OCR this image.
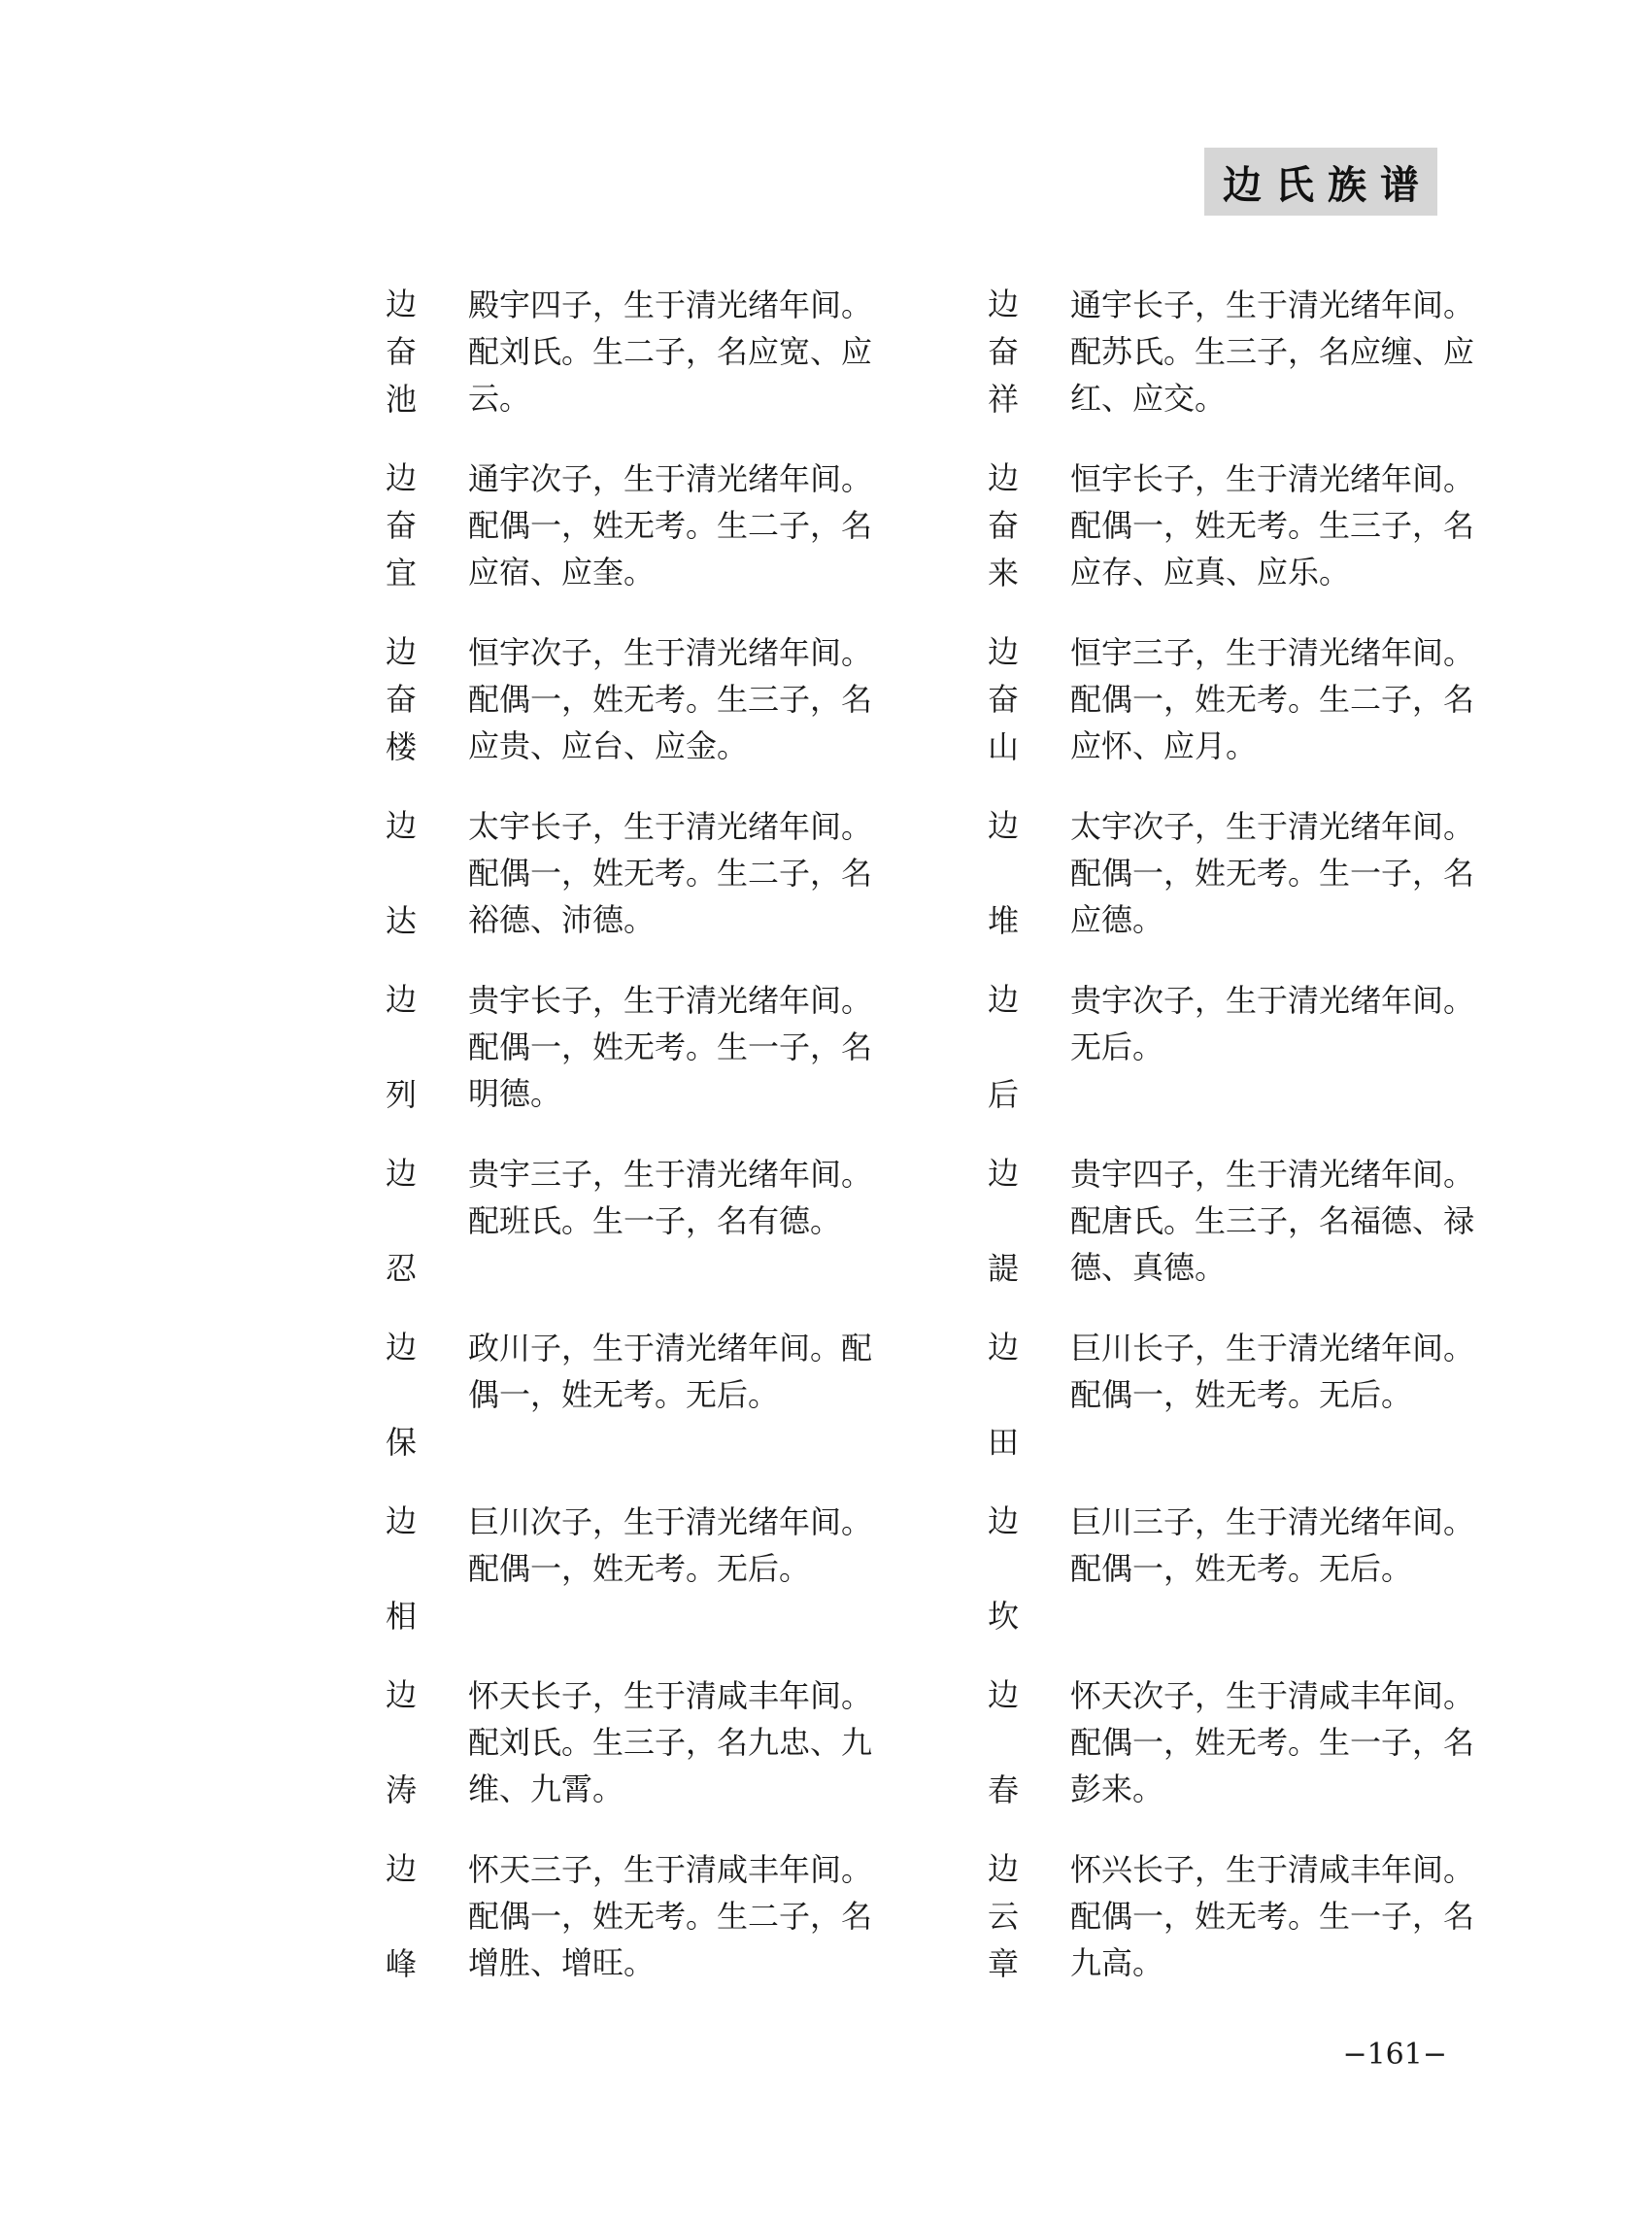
边氏族谱
边
奋
池

殿宇四子，生于清光绪年间。配刘氏。生二子，名应宽、应云。

边
奋
祥

通宇长子，生于清光绪年间。配苏氏。生三子，名应缠、应红、应交。

边
奋
宜

通宇次子，生于清光绪年间。配偶一，姓无考。生二子，名应宿、应奎。

边
奋
来

恒宇长子，生于清光绪年间。配偶一，姓无考。生三子，名应存、应真、应乐。

边
奋
楼

恒宇次子，生于清光绪年间。配偶一，姓无考。生三子，名应贵、应台、应金。

边
奋
山

恒宇三子，生于清光绪年间。配偶一，姓无考。生二子，名应怀、应月。

边
达

太宇长子，生于清光绪年间。配偶一，姓无考。生二子，名裕德、沛德。

边
堆

太宇次子，生于清光绪年间。配偶一，姓无考。生一子，名应德。

边
列

贵宇长子，生于清光绪年间。配偶一，姓无考。生一子，名明德。

边
后

贵宇次子，生于清光绪年间。无后。

边
忍

贵宇三子，生于清光绪年间。配班氏。生一子，名有德。

边
諟

贵宇四子，生于清光绪年间。配唐氏。生三子，名福德、禄德、真德。

边
保

政川子，生于清光绪年间。配偶一，姓无考。无后。

边
田

巨川长子，生于清光绪年间。配偶一，姓无考。无后。

边
相

巨川次子，生于清光绪年间。配偶一，姓无考。无后。

边
坎

巨川三子，生于清光绪年间。配偶一，姓无考。无后。

边
涛

怀天长子，生于清咸丰年间。配刘氏。生三子，名九忠、九维、九霄。

边
春

怀天次子，生于清咸丰年间。配偶一，姓无考。生一子，名彭来。

边
峰

怀天三子，生于清咸丰年间。配偶一，姓无考。生二子，名增胜、增旺。

边
云
章

怀兴长子，生于清咸丰年间。配偶一，姓无考。生一子，名九高。

−161−
